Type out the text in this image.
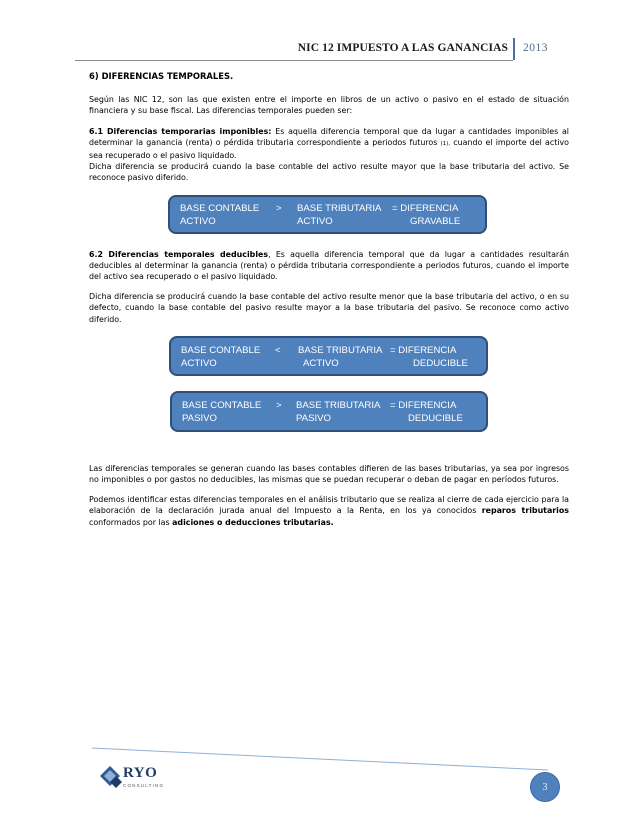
NIC 12 IMPUESTO A LAS GANANCIAS 2013
6) DIFERENCIAS TEMPORALES.

Según las NIC 12, son las que existen entre el importe en libros de un activo o pasivo en el estado de situación financiera y su base fiscal. Las diferencias temporales pueden ser:

6.1 Diferencias temporarias imponibles: Es aquella diferencia temporal que da lugar a cantidades imponibles al determinar la ganancia (renta) o pérdida tributaria correspondiente a periodos futuros (1), cuando el importe del activo sea recuperado o el pasivo liquidado.

Dicha diferencia se producirá cuando la base contable del activo resulte mayor que la base tributaria del activo. Se reconoce pasivo diferido.

BASE CONTABLE
ACTIVO
> BASE TRIBUTARIA
ACTIVO
= DIFERENCIA
GRAVABLE

6.2 Diferencias temporales deducibles, Es aquella diferencia temporal que da lugar a cantidades resultarán deducibles al determinar la ganancia (renta) o pérdida tributaria correspondiente a periodos futuros, cuando el importe del activo sea recuperado o el pasivo liquidado.

Dicha diferencia se producirá cuando la base contable del activo resulte menor que la base tributaria del activo, o en su defecto, cuando la base contable del pasivo resulte mayor a la base tributaria del pasivo. Se reconoce como activo diferido.

BASE CONTABLE
ACTIVO
< BASE TRIBUTARIA
ACTIVO
= DIFERENCIA
DEDUCIBLE
BASE CONTABLE
PASIVO
> BASE TRIBUTARIA
PASIVO
= DIFERENCIA
DEDUCIBLE

Las diferencias temporales se generan cuando las bases contables difieren de las bases tributarias, ya sea por ingresos no imponibles o por gastos no deducibles, las mismas que se puedan recuperar o deban de pagar en períodos futuros.

Podemos identificar estas diferencias temporales en el análisis tributario que se realiza al cierre de cada ejercicio para la elaboración de la declaración jurada anual del Impuesto a la Renta, en los ya conocidos reparos tributarios conformados por las adiciones o deducciones tributarias.

RYO
CONSULTING	3
